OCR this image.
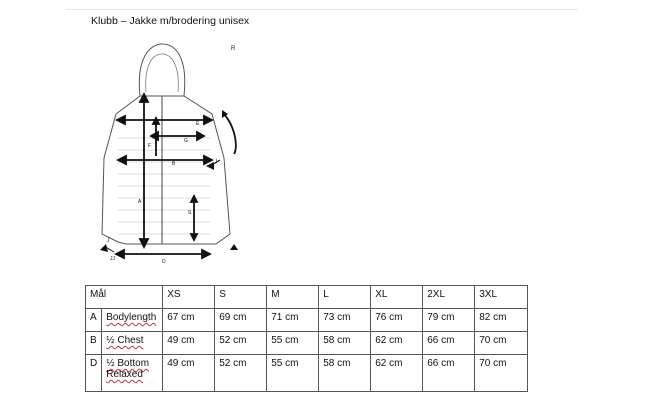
Klubb – Jakke m/brodering unisex
E
G
F
B	I
A
S
J
JJ	D
R
Mål		XS	S	M	L	XL	2XL	3XL
A	Bodylength	67 cm	69 cm	71 cm	73 cm	76 cm	79 cm	82 cm
B	½ Chest	49 cm	52 cm	55 cm	58 cm	62 cm	66 cm	70 cm
D	½ Bottom Relaxed	49 cm	52 cm	55 cm	58 cm	62 cm	66 cm	70 cm
